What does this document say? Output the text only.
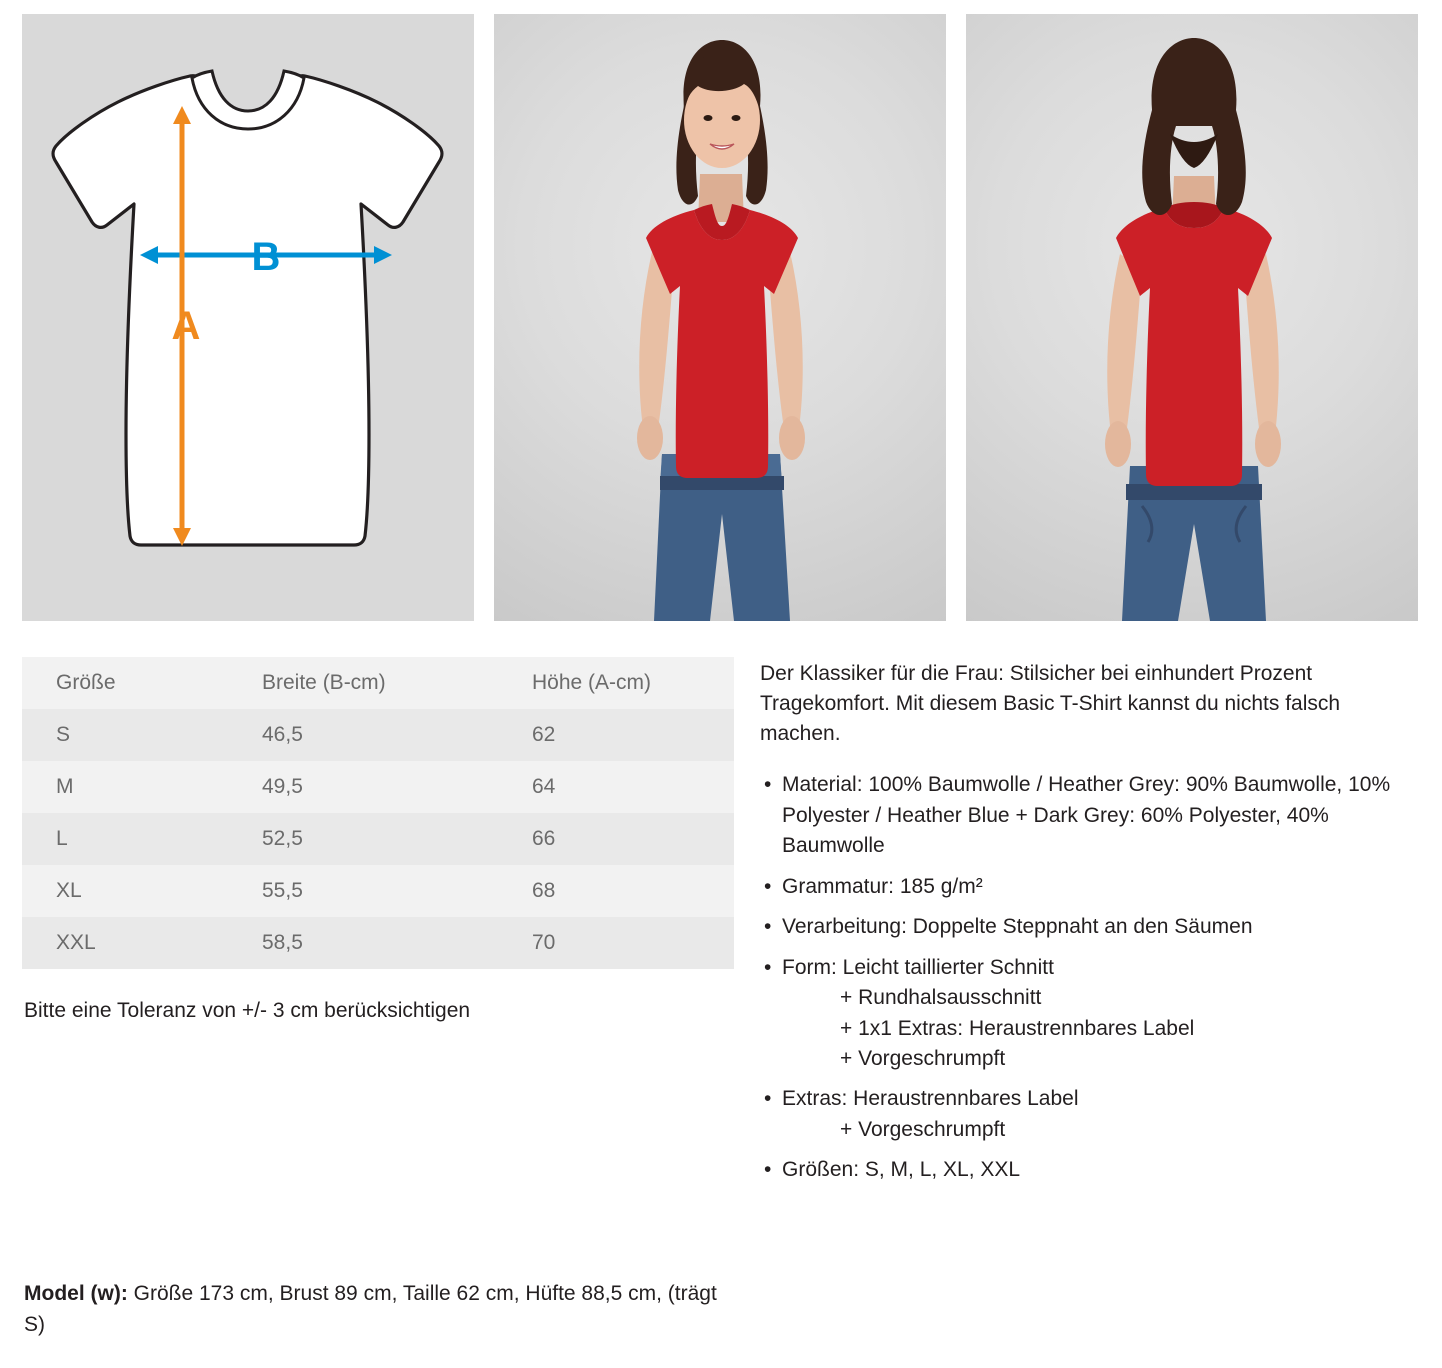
B
A
Größe	Breite (B-cm)	Höhe (A-cm)
S	46,5	62
M	49,5	64
L	52,5	66
XL	55,5	68
XXL	58,5	70
Bitte eine Toleranz von +/- 3 cm berücksichtigen

Der Klassiker für die Frau: Stilsicher bei einhundert Prozent Tragekomfort. Mit diesem Basic T-Shirt kannst du nichts falsch machen.

• Material: 100% Baumwolle / Heather Grey: 90% Baumwolle, 10% Polyester / Heather Blue + Dark Grey: 60% Polyester, 40% Baumwolle
• Grammatur: 185 g/m²
• Verarbeitung: Doppelte Steppnaht an den Säumen
• Form: Leicht taillierter Schnitt
+ Rundhalsausschnitt
+ 1x1 Extras: Heraustrennbares Label
+ Vorgeschrumpft
• Extras: Heraustrennbares Label
+ Vorgeschrumpft
• Größen: S, M, L, XL, XXL
Model (w): Größe 173 cm, Brust 89 cm, Taille 62 cm, Hüfte 88,5 cm, (trägt S)
